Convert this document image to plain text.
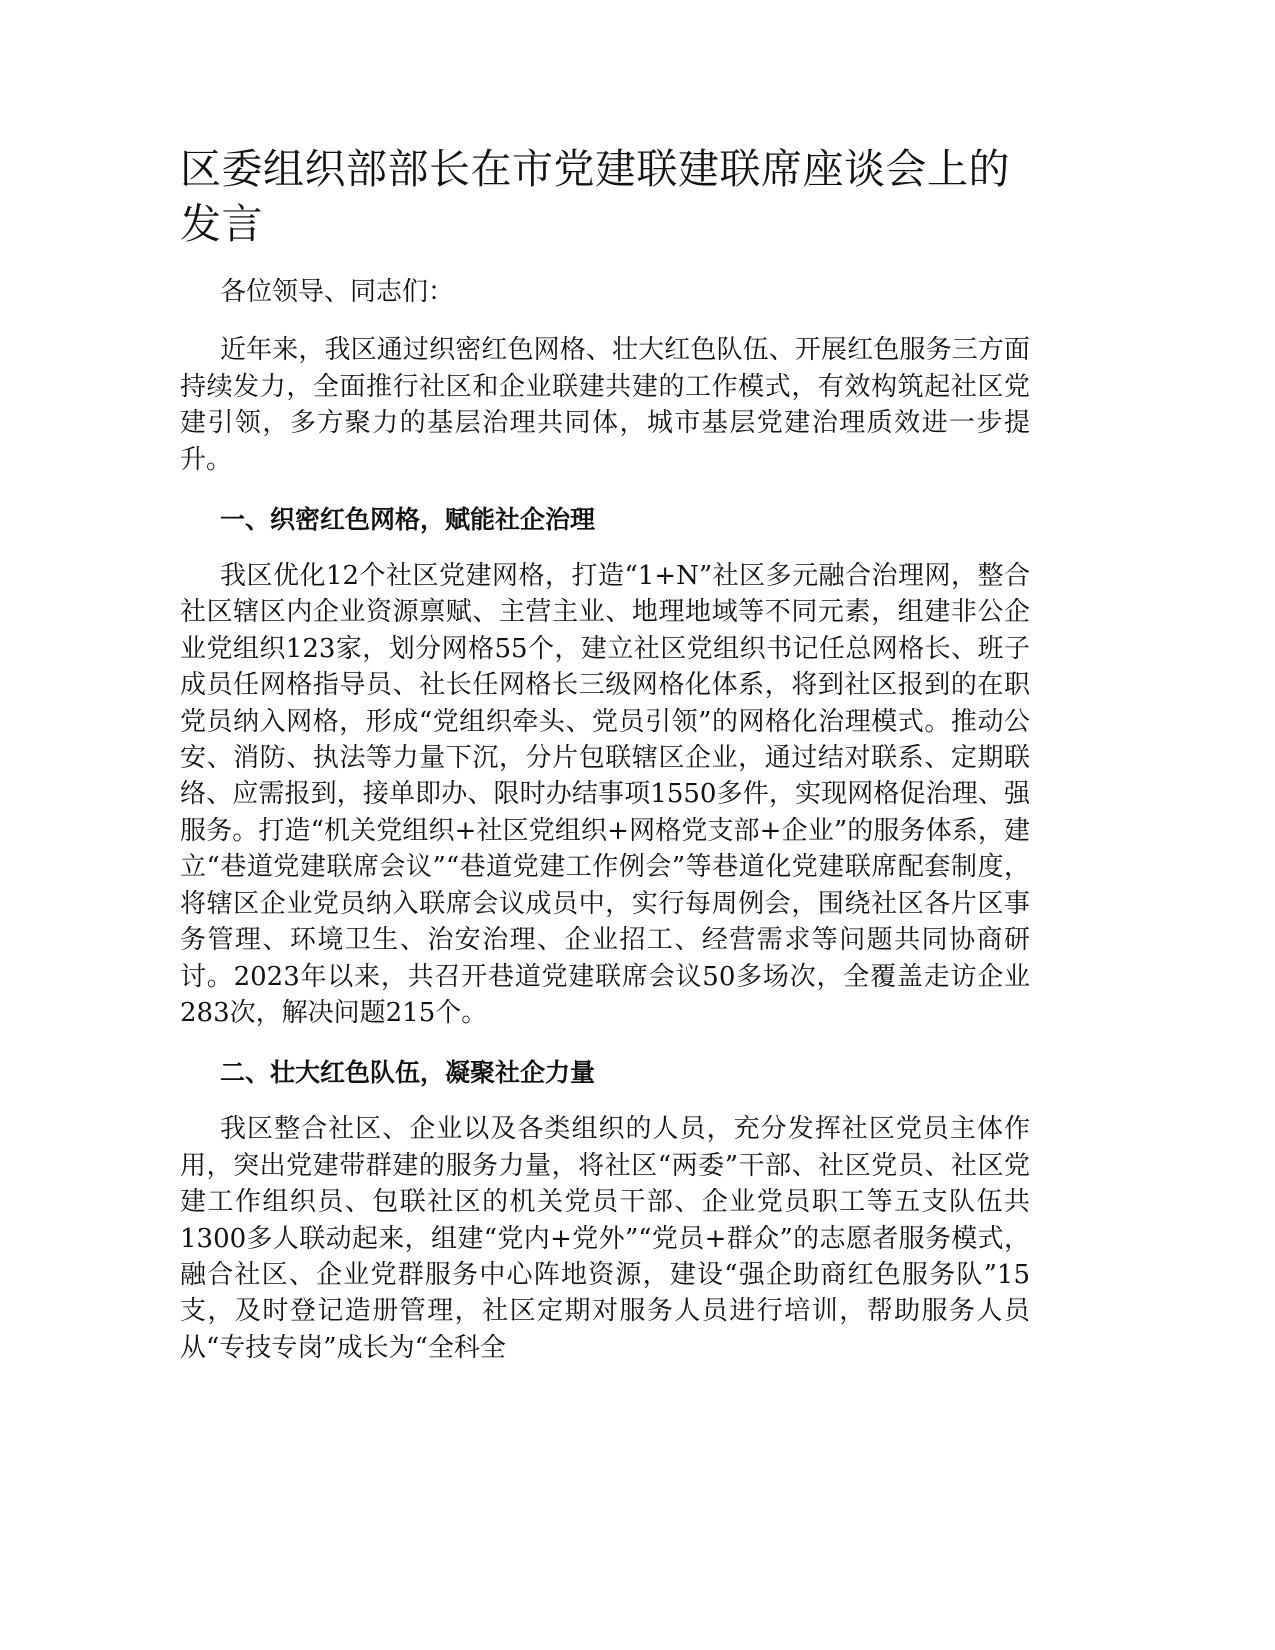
区委组织部部长在市党建联建联席座谈会上的发言

各位领导、同志们：

近年来，我区通过织密红色网格、壮大红色队伍、开展红色服务三方面持续发力，全面推行社区和企业联建共建的工作模式，有效构筑起社区党建引领，多方聚力的基层治理共同体，城市基层党建治理质效进一步提升。

一、织密红色网格，赋能社企治理

我区优化12个社区党建网格，打造“1+N”社区多元融合治理网，整合社区辖区内企业资源禀赋、主营主业、地理地域等不同元素，组建非公企业党组织123家，划分网格55个，建立社区党组织书记任总网格长、班子成员任网格指导员、社长任网格长三级网格化体系，将到社区报到的在职党员纳入网格，形成“党组织牵头、党员引领”的网格化治理模式。推动公安、消防、执法等力量下沉，分片包联辖区企业，通过结对联系、定期联络、应需报到，接单即办、限时办结事项1550多件，实现网格促治理、强服务。打造“机关党组织+社区党组织+网格党支部+企业”的服务体系，建立“巷道党建联席会议”“巷道党建工作例会”等巷道化党建联席配套制度，将辖区企业党员纳入联席会议成员中，实行每周例会，围绕社区各片区事务管理、环境卫生、治安治理、企业招工、经营需求等问题共同协商研讨。2023年以来，共召开巷道党建联席会议50多场次，全覆盖走访企业283次，解决问题215个。

二、壮大红色队伍，凝聚社企力量

我区整合社区、企业以及各类组织的人员，充分发挥社区党员主体作用，突出党建带群建的服务力量，将社区“两委”干部、社区党员、社区党建工作组织员、包联社区的机关党员干部、企业党员职工等五支队伍共1300多人联动起来，组建“党内+党外”“党员+群众”的志愿者服务模式，融合社区、企业党群服务中心阵地资源，建设“强企助商红色服务队”15支，及时登记造册管理，社区定期对服务人员进行培训，帮助服务人员从“专技专岗”成长为“全科全
